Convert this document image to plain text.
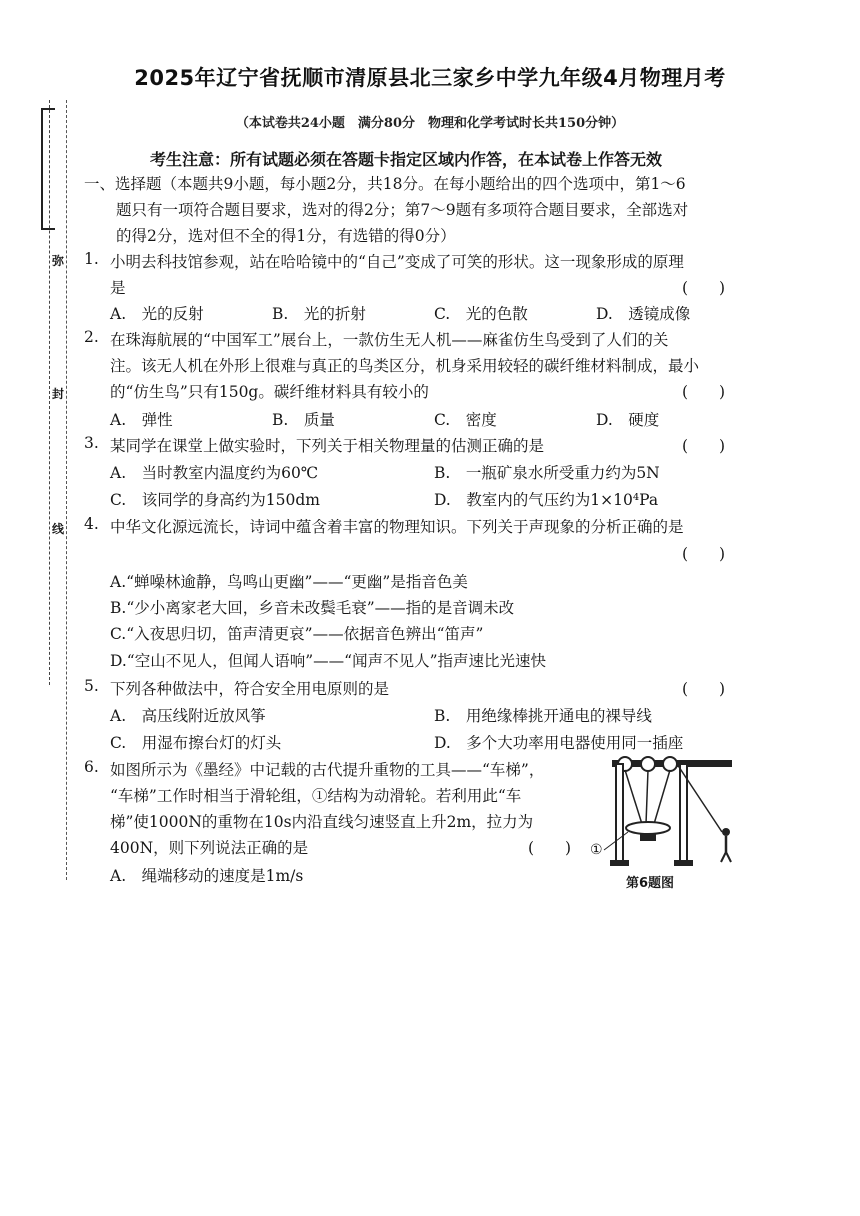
弥
封
线
2025年辽宁省抚顺市清原县北三家乡中学九年级4月物理月考
（本试卷共24小题　满分80分　物理和化学考试时长共150分钟）
考生注意：所有试题必须在答题卡指定区域内作答，在本试卷上作答无效
一、选择题（本题共9小题，每小题2分，共18分。在每小题给出的四个选项中，第1～6
题只有一项符合题目要求，选对的得2分；第7～9题有多项符合题目要求，全部选对
的得2分，选对但不全的得1分，有选错的得0分）
1. 小明去科技馆参观，站在哈哈镜中的“自己”变成了可笑的形状。这一现象形成的原理
是	(　　)
A.　光的反射	B.　光的折射	C.　光的色散	D.　透镜成像
2. 在珠海航展的“中国军工”展台上，一款仿生无人机——麻雀仿生鸟受到了人们的关
注。该无人机在外形上很难与真正的鸟类区分，机身采用较轻的碳纤维材料制成，最小
的“仿生鸟”只有150g。碳纤维材料具有较小的	(　　)
A.　弹性	B.　质量	C.　密度	D.　硬度
3. 某同学在课堂上做实验时，下列关于相关物理量的估测正确的是	(　　)
A.　当时教室内温度约为60℃	B.　一瓶矿泉水所受重力约为5N
C.　该同学的身高约为150dm	D.　教室内的气压约为1×10⁴Pa
4. 中华文化源远流长，诗词中蕴含着丰富的物理知识。下列关于声现象的分析正确的是
(　　)
A.“蝉噪林逾静，鸟鸣山更幽”——“更幽”是指音色美
B.“少小离家老大回，乡音未改鬓毛衰”——指的是音调未改
C.“入夜思归切，笛声清更哀”——依据音色辨出“笛声”
D.“空山不见人，但闻人语响”——“闻声不见人”指声速比光速快
5. 下列各种做法中，符合安全用电原则的是	(　　)
A.　高压线附近放风筝	B.　用绝缘棒挑开通电的裸导线
C.　用湿布擦台灯的灯头	D.　多个大功率用电器使用同一插座
6. 如图所示为《墨经》中记载的古代提升重物的工具——“车梯”，
“车梯”工作时相当于滑轮组，①结构为动滑轮。若利用此“车
梯”使1000N的重物在10s内沿直线匀速竖直上升2m，拉力为
400N，则下列说法正确的是	(　　)
A.　绳端移动的速度是1m/s
①
第6题图
